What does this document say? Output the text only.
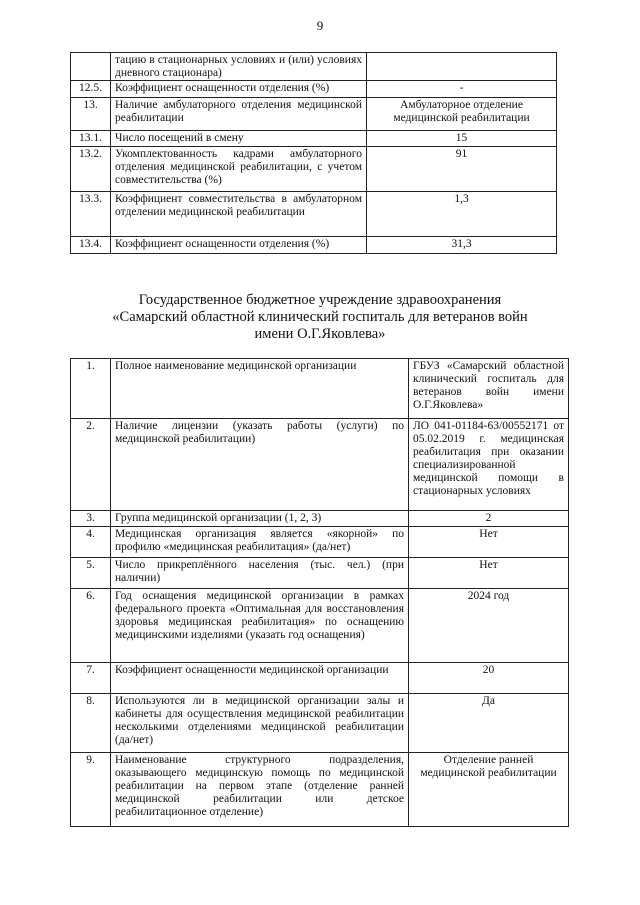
9
	тацию в стационарных условиях и (или) условиях дневного стационара)	
12.5.	Коэффициент оснащенности отделения (%)	-
13.	Наличие амбулаторного отделения медицинской реабилитации	Амбулаторное отделение медицинской реабилитации
13.1.	Число посещений в смену	15
13.2.	Укомплектованность кадрами амбулаторного отделения медицинской реабилитации, с учетом совместительства (%)	91
13.3.	Коэффициент совместительства в амбулаторном отделении медицинской реабилитации	1,3
13.4.	Коэффициент оснащенности отделения (%)	31,3
Государственное бюджетное учреждение здравоохранения
«Самарский областной клинический госпиталь для ветеранов войн
имени О.Г.Яковлева»
1.	Полное наименование медицинской организации	ГБУЗ «Самарский областной клинический госпиталь для ветеранов войн имени О.Г.Яковлева»
2.	Наличие лицензии (указать работы (услуги) по медицинской реабилитации)	ЛО 041-01184-63/00552171 от 05.02.2019 г. медицинская реабилитация при оказании специализированной медицинской помощи в стационарных условиях
3.	Группа медицинской организации (1, 2, 3)	2
4.	Медицинская организация является «якорной» по профилю «медицинская реабилитация» (да/нет)	Нет
5.	Число прикреплённого населения (тыс. чел.) (при наличии)	Нет
6.	Год оснащения медицинской организации в рамках федерального проекта «Оптимальная для восстановления здоровья медицинская реабилитация» по оснащению медицинскими изделиями (указать год оснащения)	2024 год
7.	Коэффициент оснащенности медицинской организации	20
8.	Используются ли в медицинской организации залы и кабинеты для осуществления медицинской реабилитации несколькими отделениями медицинской реабилитации (да/нет)	Да
9.	Наименование структурного подразделения, оказывающего медицинскую помощь по медицинской реабилитации на первом этапе (отделение ранней медицинской реабилитации или детское реабилитационное отделение)	Отделение ранней медицинской реабилитации
